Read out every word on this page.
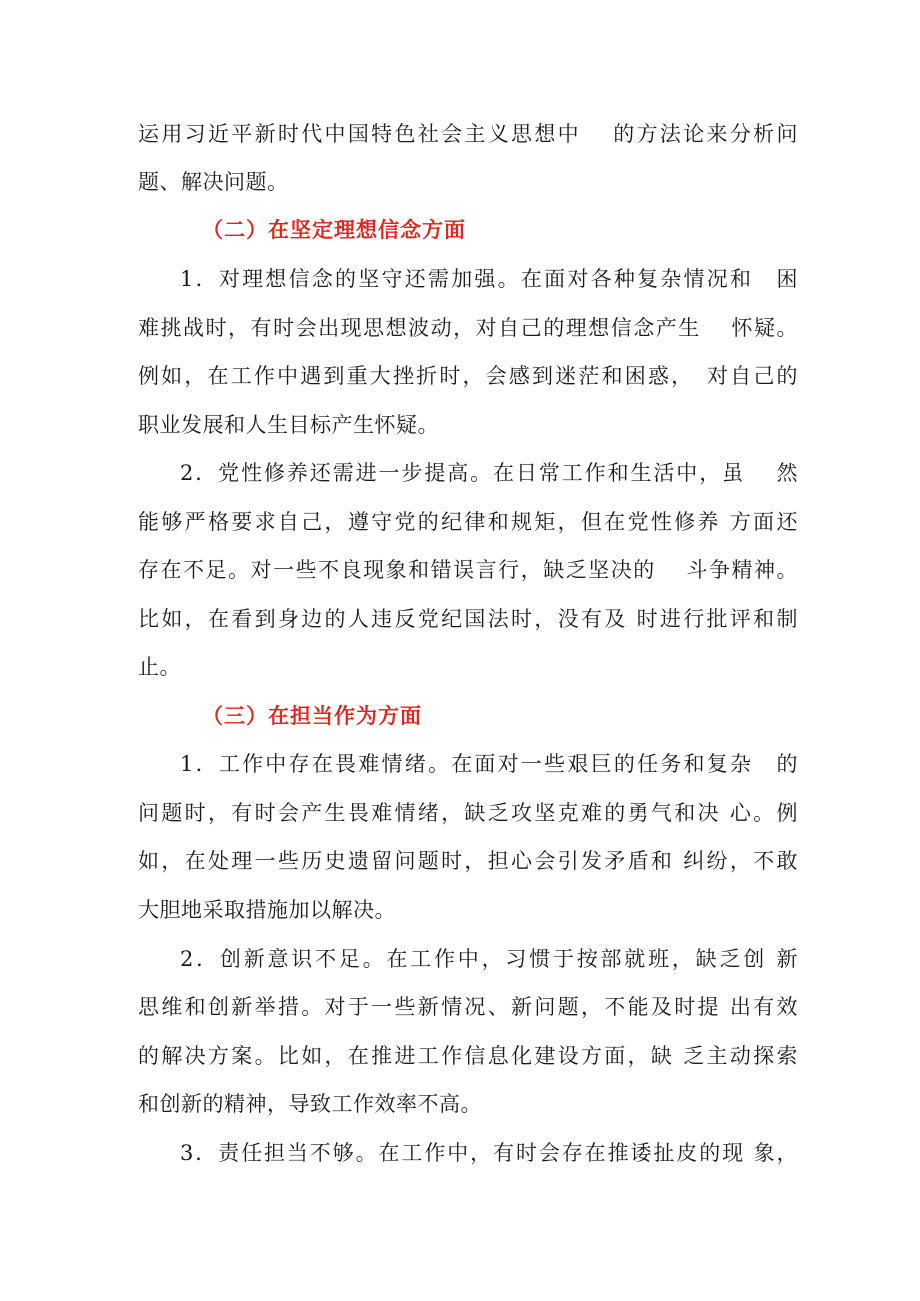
运用习近平新时代中国特色社会主义思想中　 的方法论来分析问
题、解决问题。
（二）在坚定理想信念方面
1．对理想信念的坚守还需加强。在面对各种复杂情况和　困
难挑战时，有时会出现思想波动，对自己的理想信念产生　 怀疑。
例如，在工作中遇到重大挫折时，会感到迷茫和困惑，　对自己的
职业发展和人生目标产生怀疑。
2．党性修养还需进一步提高。在日常工作和生活中，虽　 然
能够严格要求自己，遵守党的纪律和规矩，但在党性修养 方面还
存在不足。对一些不良现象和错误言行，缺乏坚决的　 斗争精神。
比如，在看到身边的人违反党纪国法时，没有及 时进行批评和制
止。
（三）在担当作为方面
1．工作中存在畏难情绪。在面对一些艰巨的任务和复杂　的
问题时，有时会产生畏难情绪，缺乏攻坚克难的勇气和决 心。例
如，在处理一些历史遗留问题时，担心会引发矛盾和 纠纷，不敢
大胆地采取措施加以解决。
2．创新意识不足。在工作中，习惯于按部就班，缺乏创 新
思维和创新举措。对于一些新情况、新问题，不能及时提 出有效
的解决方案。比如，在推进工作信息化建设方面，缺 乏主动探索
和创新的精神，导致工作效率不高。
3．责任担当不够。在工作中，有时会存在推诿扯皮的现 象，
